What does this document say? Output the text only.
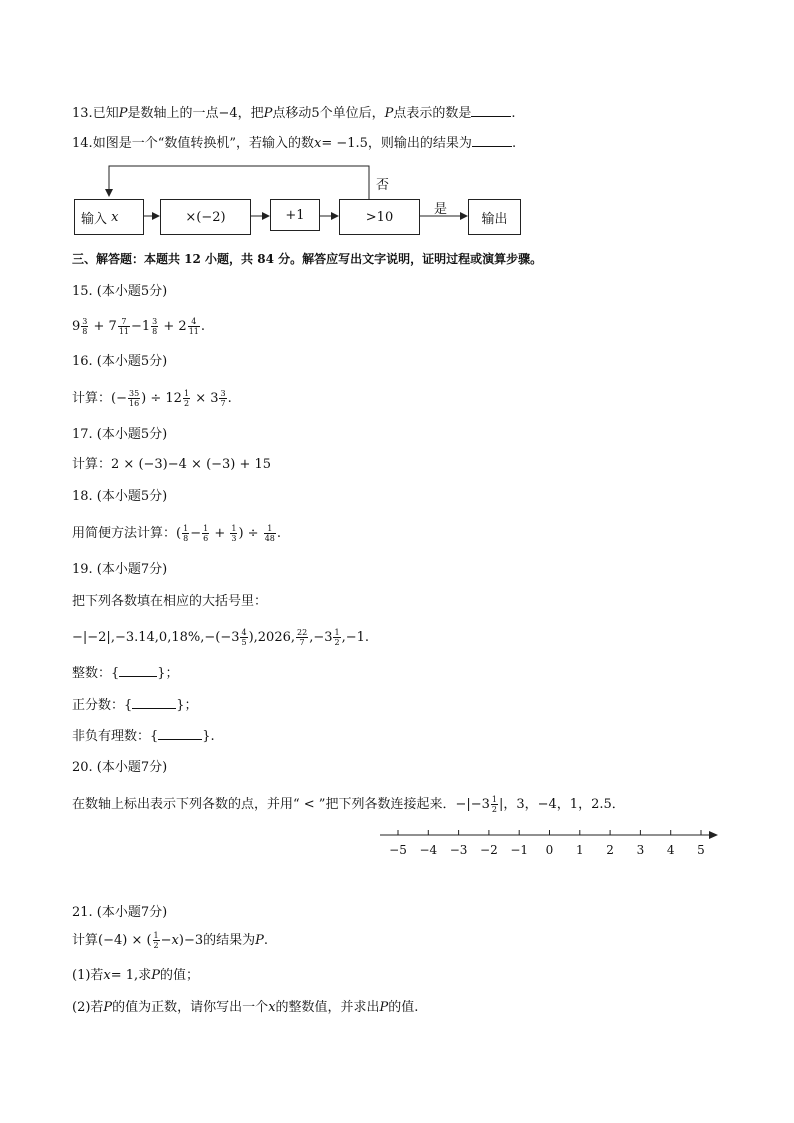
13.已知P是数轴上的一点−4，把P点移动5个单位后，P点表示的数是	.
14.如图是一个“数值转换机”，若输入的数x= −1.5，则输出的结果为	.
输入
x	×(−2)	+1	>10	输出
否
是
三、解答题：本题共 12 小题，共 84 分。解答应写出文字说明，证明过程或演算步骤。
15. (本小题5分)
$9 \frac{3}{8} + 7 \frac{7}{11} -1 \frac{3}{8} + 2 \frac{4}{11}$ .
16. (本小题5分)
计算：(− $\frac{35}{16}$ ) ÷ $12 \frac{1}{2} \times 3 \frac{3}{7}$ .
17. (本小题5分)
计算：2 × (−3)−4 × (−3) + 15
18. (本小题5分)
用简便方法计算：( $\frac{1}{8} - \frac{1}{6} + \frac{1}{3}$ ) ÷ $\frac{1}{48}$ .
19. (本小题7分)
把下列各数填在相应的大括号里：
$-|-2|,-3.14,0,18\%,-(-3 \frac{4}{5} ),2026$, $\frac{22}{7} ,-3 \frac{1}{2} ,-1$.
整数：{	}；
正分数：{	}；
非负有理数：{	}.
20. (本小题7分)
在数轴上标出表示下列各数的点，并用“ < ”把下列各数连接起来．$-|-3 \frac{1}{2}$ |，3，−4，1，2.5．
−5 −4 −3 −2 −1 0 1 2 3 4 5
21. (本小题7分)
计算(−4) × ( $\frac{1}{2} -x)-3$的结果为P.
(1)若x= 1,求P的值；
(2)若P的值为正数，请你写出一个x的整数值，并求出P的值.
